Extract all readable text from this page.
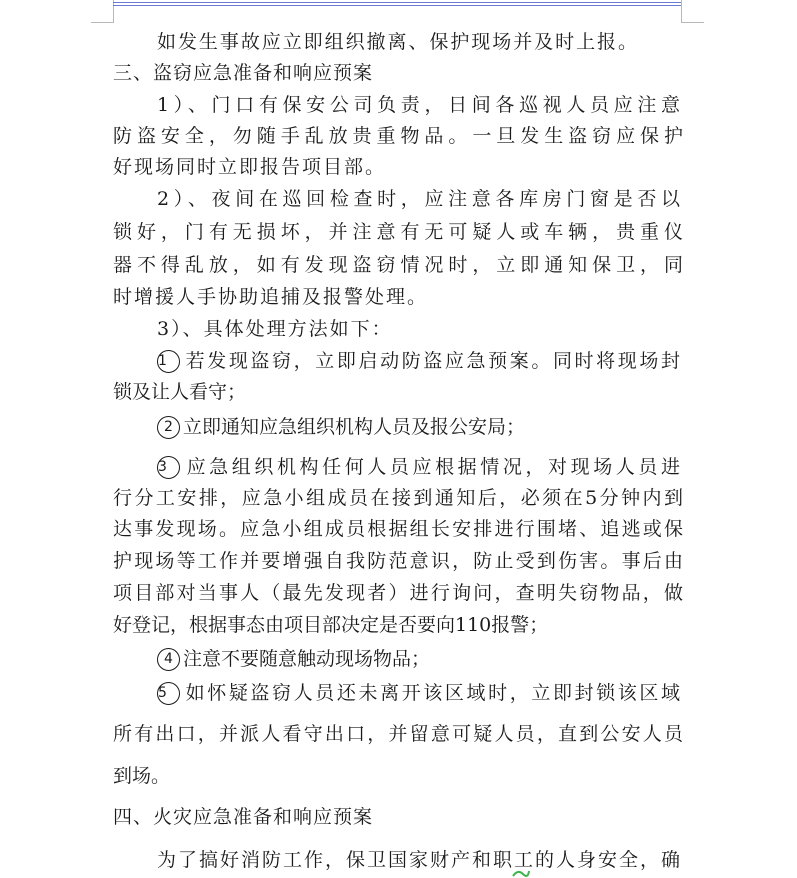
如发生事故应立即组织撤离、保护现场并及时上报。
三、盗窃应急准备和响应预案
1）、门口有保安公司负责，日间各巡视人员应注意
防盗安全，勿随手乱放贵重物品。一旦发生盗窃应保护
好现场同时立即报告项目部。
2）、夜间在巡回检查时，应注意各库房门窗是否以
锁好，门有无损坏，并注意有无可疑人或车辆，贵重仪
器不得乱放，如有发现盗窃情况时，立即通知保卫，同
时增援人手协助追捕及报警处理。
3）、具体处理方法如下：
1 若发现盗窃，立即启动防盗应急预案。同时将现场封
锁及让人看守；
2 立即通知应急组织机构人员及报公安局；
3 应急组织机构任何人员应根据情况，对现场人员进
行分工安排，应急小组成员在接到通知后，必须在5分钟内到
达事发现场。应急小组成员根据组长安排进行围堵、追逃或保
护现场等工作并要增强自我防范意识，防止受到伤害。事后由
项目部对当事人（最先发现者）进行询问，查明失窃物品，做
好登记，根据事态由项目部决定是否要向110报警；
4 注意不要随意触动现场物品；
5 如怀疑盗窃人员还未离开该区域时，立即封锁该区域
所有出口，并派人看守出口，并留意可疑人员，直到公安人员
到场。
四、火灾应急准备和响应预案
为了搞好消防工作，保卫国家财产和职工的人身安全，确
